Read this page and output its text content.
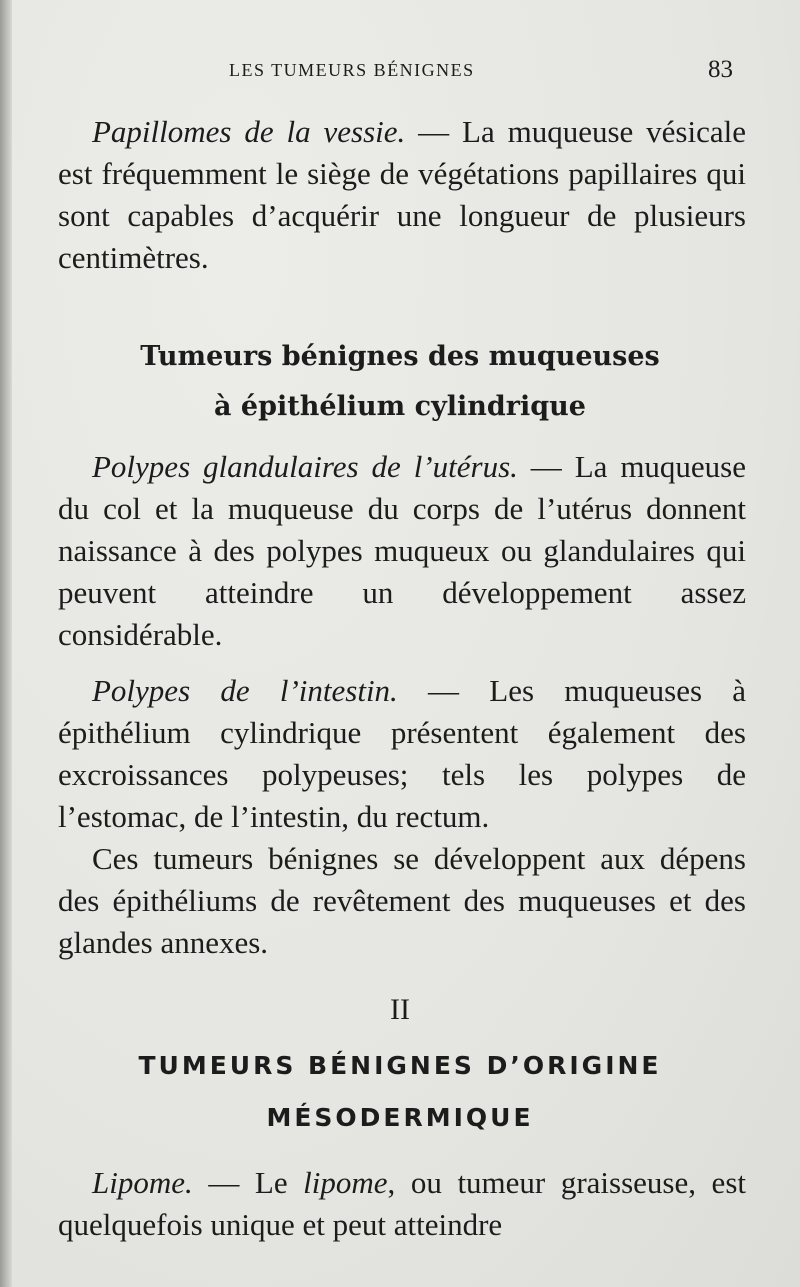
LES TUMEURS BÉNIGNES	83
Papillomes de la vessie. — La muqueuse vésicale est fréquemment le siège de végétations papillaires qui sont capables d’acquérir une longueur de plusieurs centimètres.
Tumeurs bénignes des muqueuses
à épithélium cylindrique
Polypes glandulaires de l’utérus. — La muqueuse du col et la muqueuse du corps de l’utérus donnent naissance à des polypes muqueux ou glandulaires qui peuvent atteindre un développement assez considérable.
Polypes de l’intestin. — Les muqueuses à épithélium cylindrique présentent également des excroissances polypeuses; tels les polypes de l’estomac, de l’intestin, du rectum.
Ces tumeurs bénignes se développent aux dépens des épithéliums de revêtement des muqueuses et des glandes annexes.
II
TUMEURS BÉNIGNES D’ORIGINE
MÉSODERMIQUE
Lipome. — Le lipome, ou tumeur graisseuse, est quelquefois unique et peut atteindre
